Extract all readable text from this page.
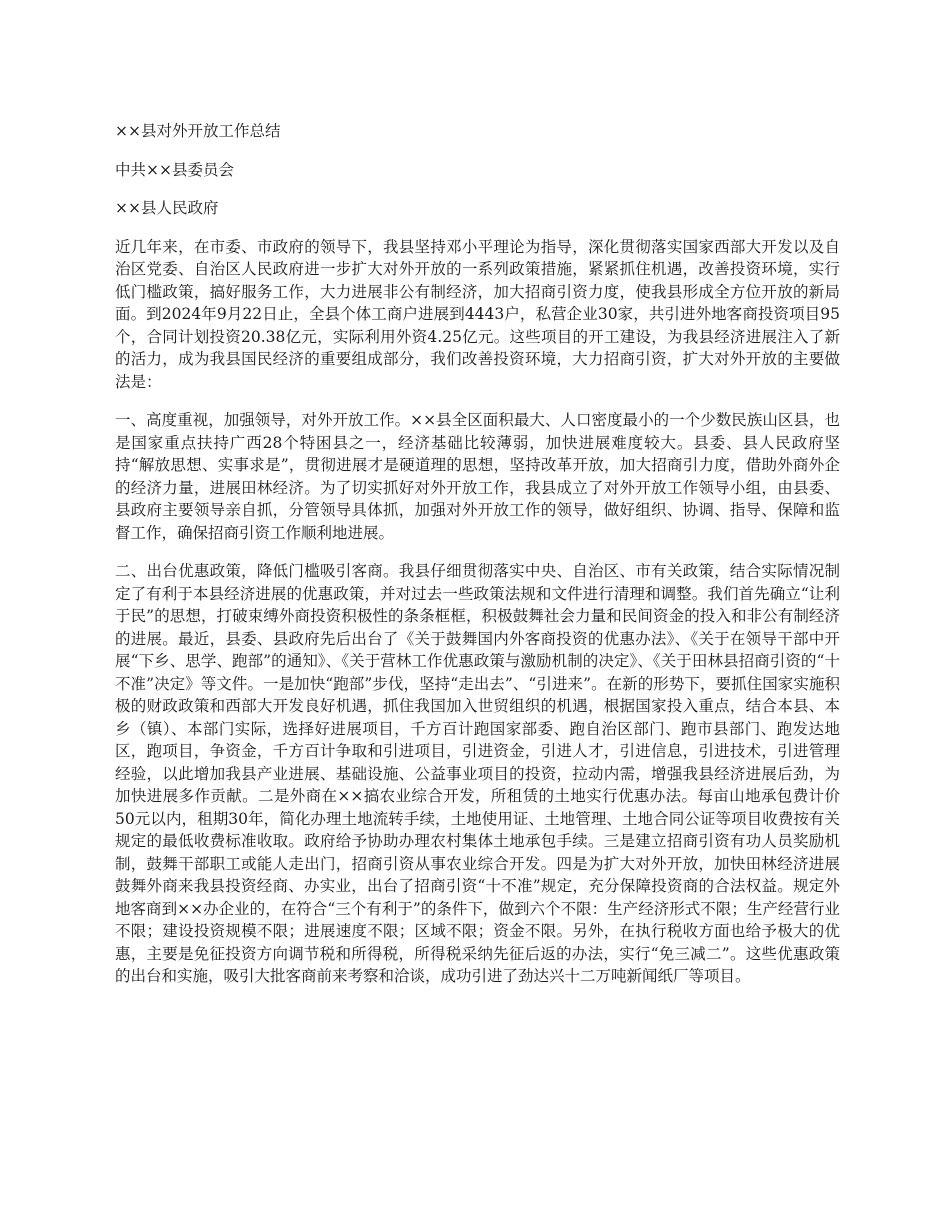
××县对外开放工作总结

中共××县委员会

××县人民政府

近几年来，在市委、市政府的领导下，我县坚持邓小平理论为指导，深化贯彻落实国家西部大开发以及自治区党委、自治区人民政府进一步扩大对外开放的一系列政策措施，紧紧抓住机遇，改善投资环境，实行低门槛政策，搞好服务工作，大力进展非公有制经济，加大招商引资力度，使我县形成全方位开放的新局面。到2024年9月22日止，全县个体工商户进展到4443户，私营企业30家，共引进外地客商投资项目95个，合同计划投资20.38亿元，实际利用外资4.25亿元。这些项目的开工建设，为我县经济进展注入了新的活力，成为我县国民经济的重要组成部分，我们改善投资环境，大力招商引资，扩大对外开放的主要做法是：

一、高度重视，加强领导，对外开放工作。××县全区面积最大、人口密度最小的一个少数民族山区县，也是国家重点扶持广西28个特困县之一，经济基础比较薄弱，加快进展难度较大。县委、县人民政府坚持“解放思想、实事求是”，贯彻进展才是硬道理的思想，坚持改革开放，加大招商引力度，借助外商外企的经济力量，进展田林经济。为了切实抓好对外开放工作，我县成立了对外开放工作领导小组，由县委、县政府主要领导亲自抓，分管领导具体抓，加强对外开放工作的领导，做好组织、协调、指导、保障和监督工作，确保招商引资工作顺利地进展。

二、出台优惠政策，降低门槛吸引客商。我县仔细贯彻落实中央、自治区、市有关政策，结合实际情况制定了有利于本县经济进展的优惠政策，并对过去一些政策法规和文件进行清理和调整。我们首先确立“让利于民”的思想，打破束缚外商投资积极性的条条框框，积极鼓舞社会力量和民间资金的投入和非公有制经济的进展。最近，县委、县政府先后出台了《关于鼓舞国内外客商投资的优惠办法》、《关于在领导干部中开展“下乡、思学、跑部”的通知》、《关于营林工作优惠政策与激励机制的决定》、《关于田林县招商引资的“十不准”决定》等文件。一是加快“跑部”步伐，坚持“走出去”、“引进来”。在新的形势下，要抓住国家实施积极的财政政策和西部大开发良好机遇，抓住我国加入世贸组织的机遇，根据国家投入重点，结合本县、本乡（镇）、本部门实际，选择好进展项目，千方百计跑国家部委、跑自治区部门、跑市县部门、跑发达地区，跑项目，争资金，千方百计争取和引进项目，引进资金，引进人才，引进信息，引进技术，引进管理经验，以此增加我县产业进展、基础设施、公益事业项目的投资，拉动内需，增强我县经济进展后劲，为加快进展多作贡献。二是外商在××搞农业综合开发，所租赁的土地实行优惠办法。每亩山地承包费计价50元以内，租期30年，简化办理土地流转手续，土地使用证、土地管理、土地合同公证等项目收费按有关规定的最低收费标准收取。政府给予协助办理农村集体土地承包手续。三是建立招商引资有功人员奖励机制，鼓舞干部职工或能人走出门，招商引资从事农业综合开发。四是为扩大对外开放，加快田林经济进展鼓舞外商来我县投资经商、办实业，出台了招商引资“十不准”规定，充分保障投资商的合法权益。规定外地客商到××办企业的，在符合“三个有利于”的条件下，做到六个不限：生产经济形式不限；生产经营行业不限；建设投资规模不限；进展速度不限；区域不限；资金不限。另外，在执行税收方面也给予极大的优惠，主要是免征投资方向调节税和所得税，所得税采纳先征后返的办法，实行“免三减二”。这些优惠政策的出台和实施，吸引大批客商前来考察和洽谈，成功引进了劲达兴十二万吨新闻纸厂等项目。
